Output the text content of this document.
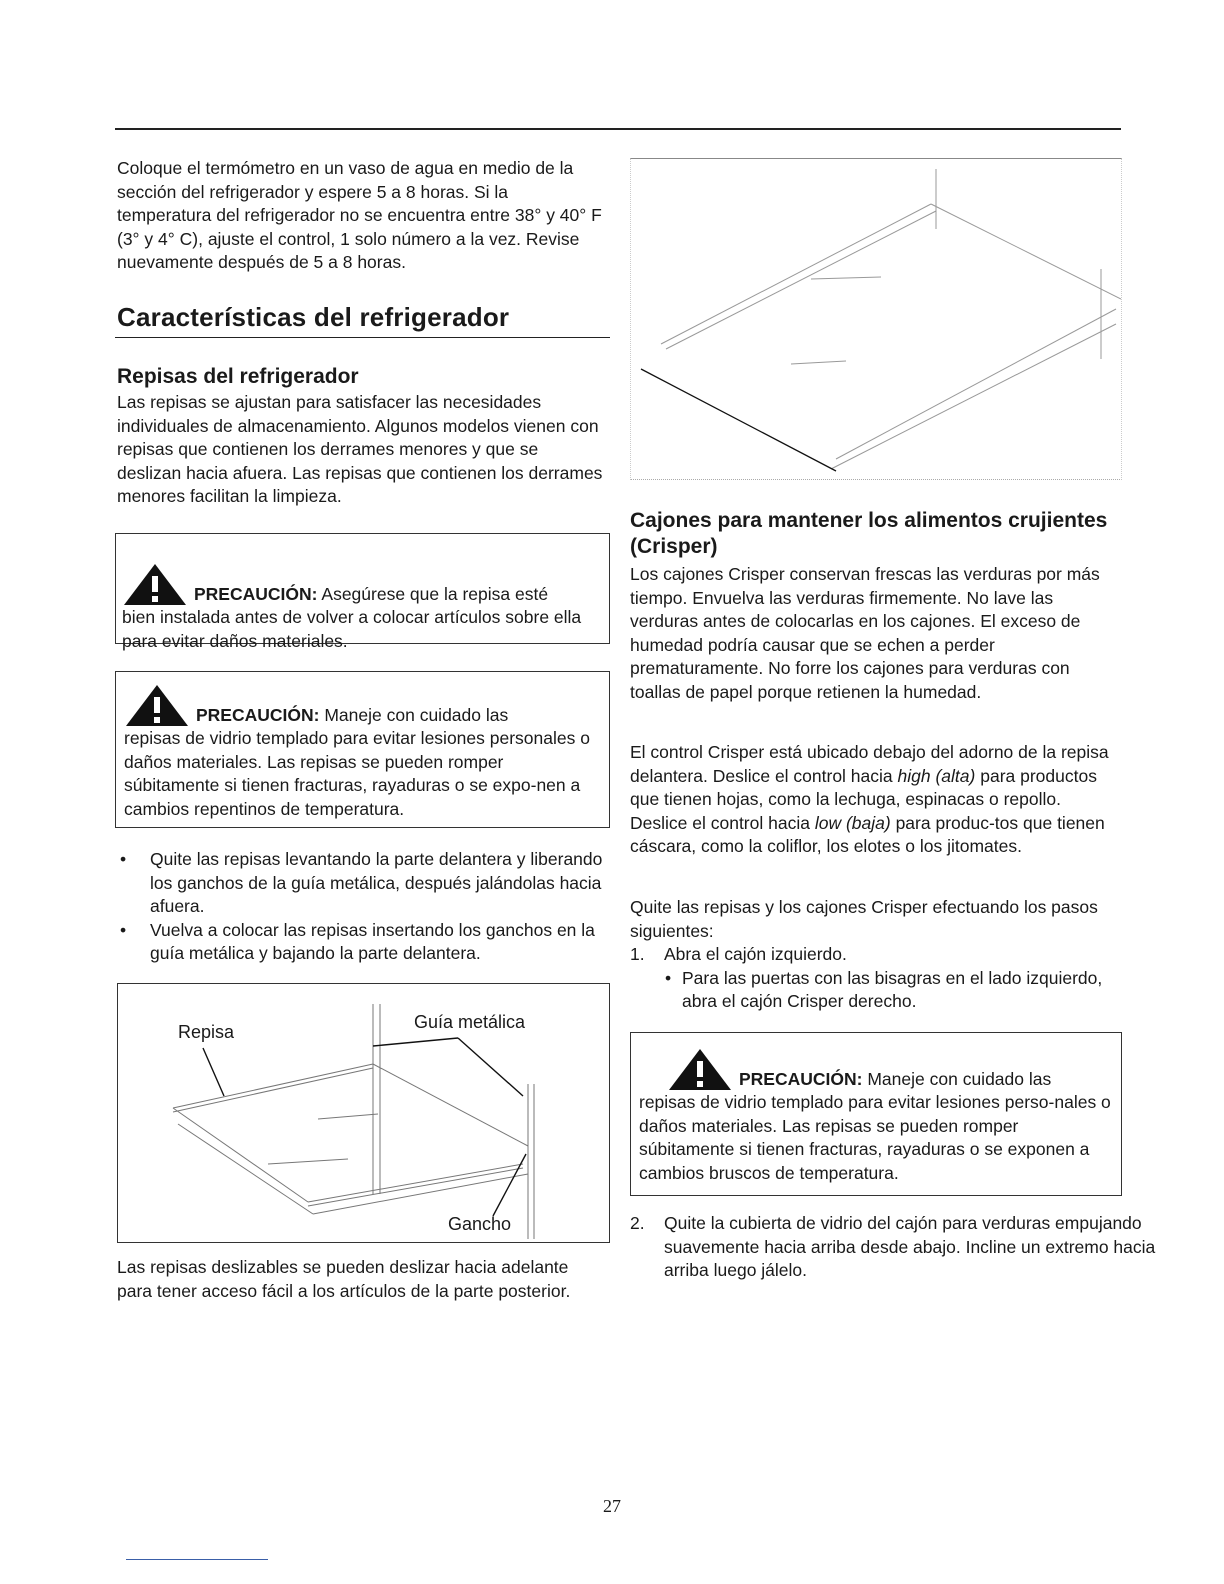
Coloque el termómetro en un vaso de agua en medio de la sección del refrigerador y espere 5 a 8 horas. Si la temperatura del refrigerador no se encuentra entre 38° y 40° F (3° y 4° C), ajuste el control, 1 solo número a la vez. Revise nuevamente después de 5 a 8 horas.
Características del refrigerador
Repisas del refrigerador
Las repisas se ajustan para satisfacer las necesidades individuales de almacenamiento. Algunos modelos vienen con repisas que contienen los derrames menores y que se deslizan hacia afuera. Las repisas que contienen los derrames menores facilitan la limpieza.
PRECAUCIÓN: Asegúrese que la repisa esté
bien instalada antes de volver a colocar artículos sobre ella para evitar daños materiales.
PRECAUCIÓN: Maneje con cuidado las
repisas de vidrio templado para evitar lesiones personales o daños materiales. Las repisas se pueden romper súbitamente si tienen fracturas, rayaduras o se expo-nen a cambios repentinos de temperatura.
• Quite las repisas levantando la parte delantera y liberando los ganchos de la guía metálica, después jalándolas hacia afuera.
• Vuelva a colocar las repisas insertando los ganchos en la guía metálica y bajando la parte delantera.
Repisa	Guía metálica
Gancho
Las repisas deslizables se pueden deslizar hacia adelante para tener acceso fácil a los artículos de la parte posterior.
Cajones para mantener los alimentos crujientes (Crisper)
Los cajones Crisper conservan frescas las verduras por más tiempo. Envuelva las verduras firmemente. No lave las verduras antes de colocarlas en los cajones. El exceso de humedad podría causar que se echen a perder prematuramente. No forre los cajones para verduras con toallas de papel porque retienen la humedad.
El control Crisper está ubicado debajo del adorno de la repisa delantera. Deslice el control hacia high (alta) para productos que tienen hojas, como la lechuga, espinacas o repollo. Deslice el control hacia low (baja) para produc-tos que tienen cáscara, como la coliflor, los elotes o los jitomates.
Quite las repisas y los cajones Crisper efectuando los pasos siguientes:
1. Abra el cajón izquierdo.
• Para las puertas con las bisagras en el lado izquierdo, abra el cajón Crisper derecho.
PRECAUCIÓN: Maneje con cuidado las
repisas de vidrio templado para evitar lesiones perso-nales o daños materiales. Las repisas se pueden romper súbitamente si tienen fracturas, rayaduras o se exponen a cambios bruscos de temperatura.
2. Quite la cubierta de vidrio del cajón para verduras empujando suavemente hacia arriba desde abajo. Incline un extremo hacia arriba luego jálelo.
27
